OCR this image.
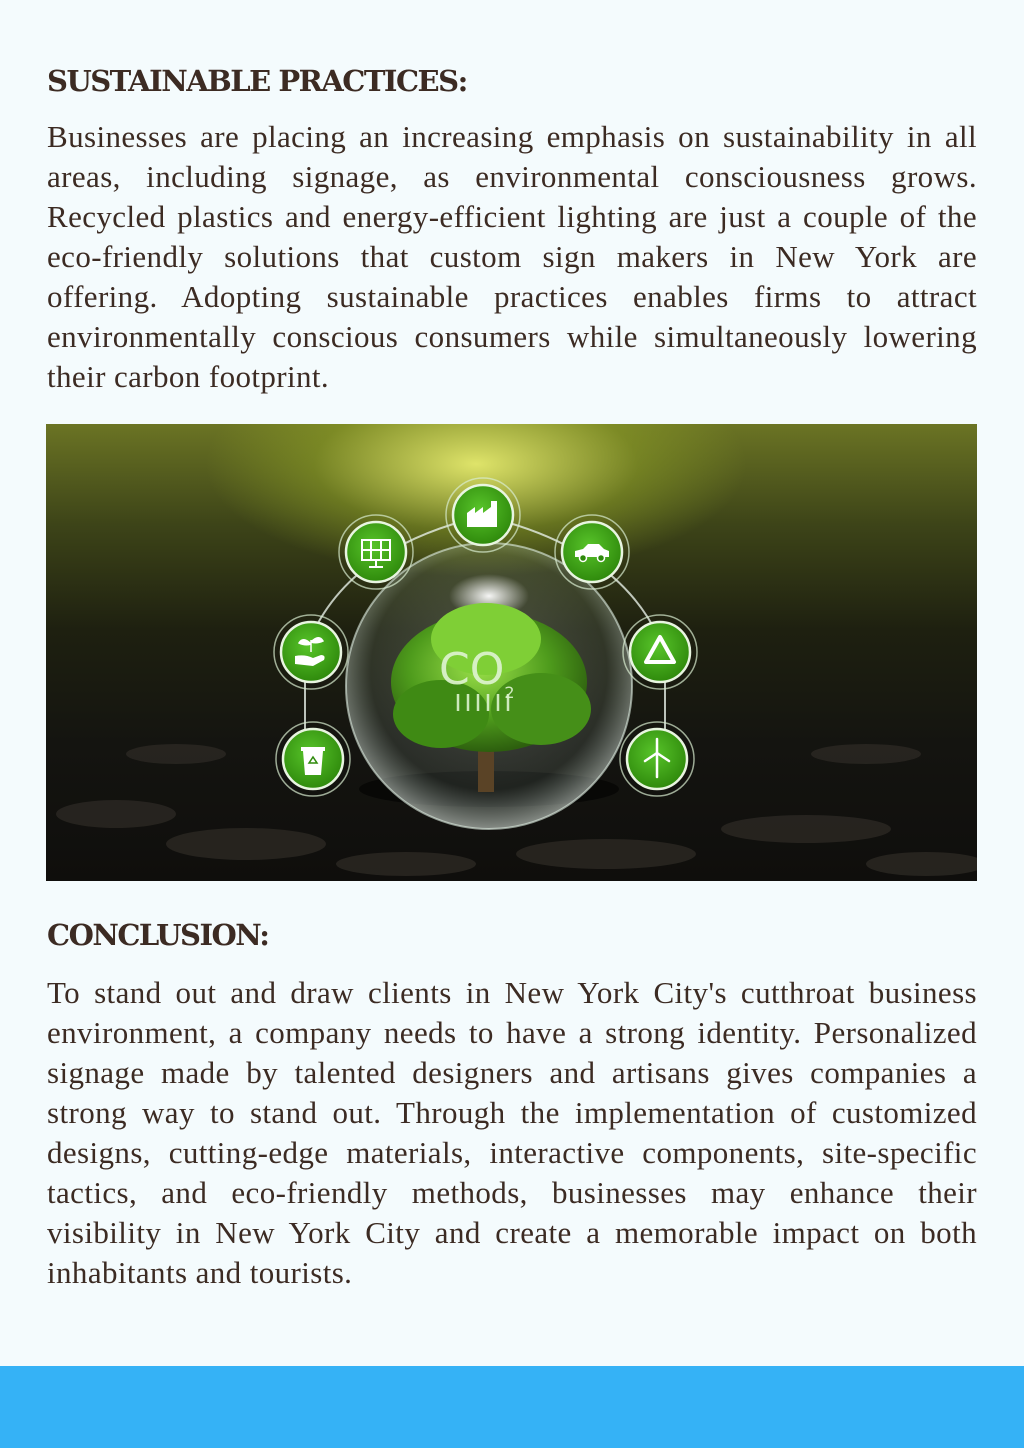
SUSTAINABLE PRACTICES:

Businesses are placing an increasing emphasis on sustainability in all areas, including signage, as environmental consciousness grows. Recycled plastics and energy-efficient lighting are just a couple of the eco-friendly solutions that custom sign makers in New York are offering. Adopting sustainable practices enables firms to attract environmentally conscious consumers while simultaneously lowering their carbon footprint.

$CO_2$
CONCLUSION:

To stand out and draw clients in New York City's cutthroat business environment, a company needs to have a strong identity. Personalized signage made by talented designers and artisans gives companies a strong way to stand out. Through the implementation of customized designs, cutting-edge materials, interactive components, site-specific tactics, and eco-friendly methods, businesses may enhance their visibility in New York City and create a memorable impact on both inhabitants and tourists.
